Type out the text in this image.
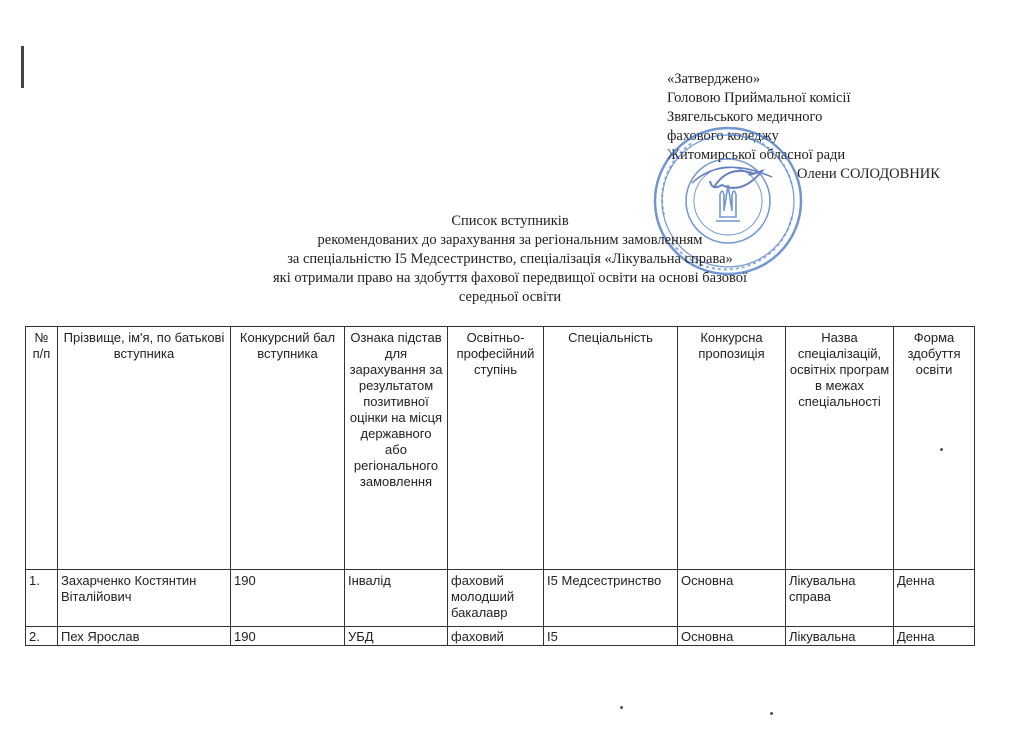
«Затверджено»
Головою Приймальної комісії
Звягельського медичного
фахового коледжу
Житомирської обласної ради
Олени СОЛОДОВНИК
Список вступників
рекомендованих до зарахування за регіональним замовленням
за спеціальністю І5 Медсестринство, спеціалізація «Лікувальна справа»
які отримали право на здобуття фахової передвищої освіти на основі базової
середньої освіти
№ п/п	Прізвище, ім'я, по батькові вступника	Конкурсний бал вступника	Ознака підстав для зарахування за результатом позитивної оцінки на місця державного або регіонального замовлення	Освітньо-професійний ступінь	Спеціальність	Конкурсна пропозиція	Назва спеціалізацій, освітніх програм в межах спеціальності	Форма здобуття освіти
1.	Захарченко Костянтин Віталійович	190	Інвалід	фаховий молодший бакалавр	І5 Медсестринство	Основна	Лікувальна справа	Денна
2.	Пех Ярослав	190	УБД	фаховий	І5	Основна	Лікувальна	Денна
